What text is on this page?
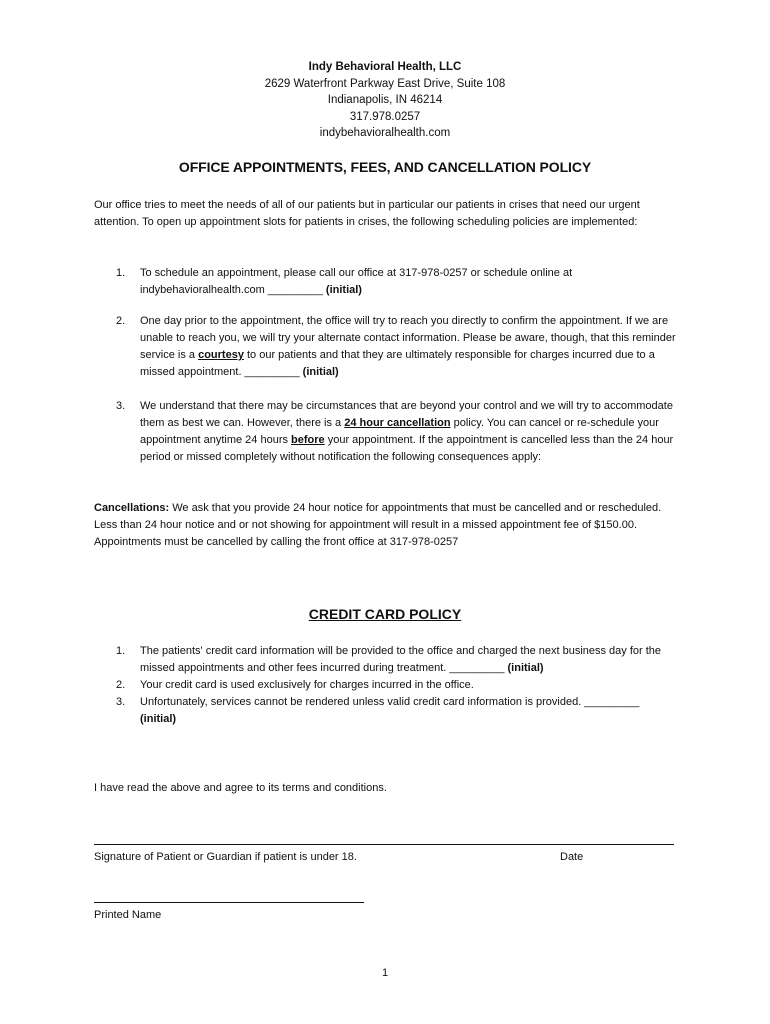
Indy Behavioral Health, LLC
2629 Waterfront Parkway East Drive, Suite 108
Indianapolis, IN 46214
317.978.0257
indybehavioralhealth.com
OFFICE APPOINTMENTS, FEES, AND CANCELLATION POLICY
Our office tries to meet the needs of all of our patients but in particular our patients in crises that need our urgent attention. To open up appointment slots for patients in crises, the following scheduling policies are implemented:
1. To schedule an appointment, please call our office at 317-978-0257 or schedule online at indybehavioralhealth.com _________ (initial)
2. One day prior to the appointment, the office will try to reach you directly to confirm the appointment. If we are unable to reach you, we will try your alternate contact information. Please be aware, though, that this reminder service is a courtesy to our patients and that they are ultimately responsible for charges incurred due to a missed appointment. _________ (initial)
3. We understand that there may be circumstances that are beyond your control and we will try to accommodate them as best we can. However, there is a 24 hour cancellation policy. You can cancel or re-schedule your appointment anytime 24 hours before your appointment. If the appointment is cancelled less than the 24 hour period or missed completely without notification the following consequences apply:
Cancellations: We ask that you provide 24 hour notice for appointments that must be cancelled and or rescheduled. Less than 24 hour notice and or not showing for appointment will result in a missed appointment fee of $150.00. Appointments must be cancelled by calling the front office at 317-978-0257
CREDIT CARD POLICY
1. The patients' credit card information will be provided to the office and charged the next business day for the missed appointments and other fees incurred during treatment. _________ (initial)
2. Your credit card is used exclusively for charges incurred in the office.
3. Unfortunately, services cannot be rendered unless valid credit card information is provided. _________ (initial)
I have read the above and agree to its terms and conditions.
Signature of Patient or Guardian if patient is under 18.	Date
Printed Name
1
